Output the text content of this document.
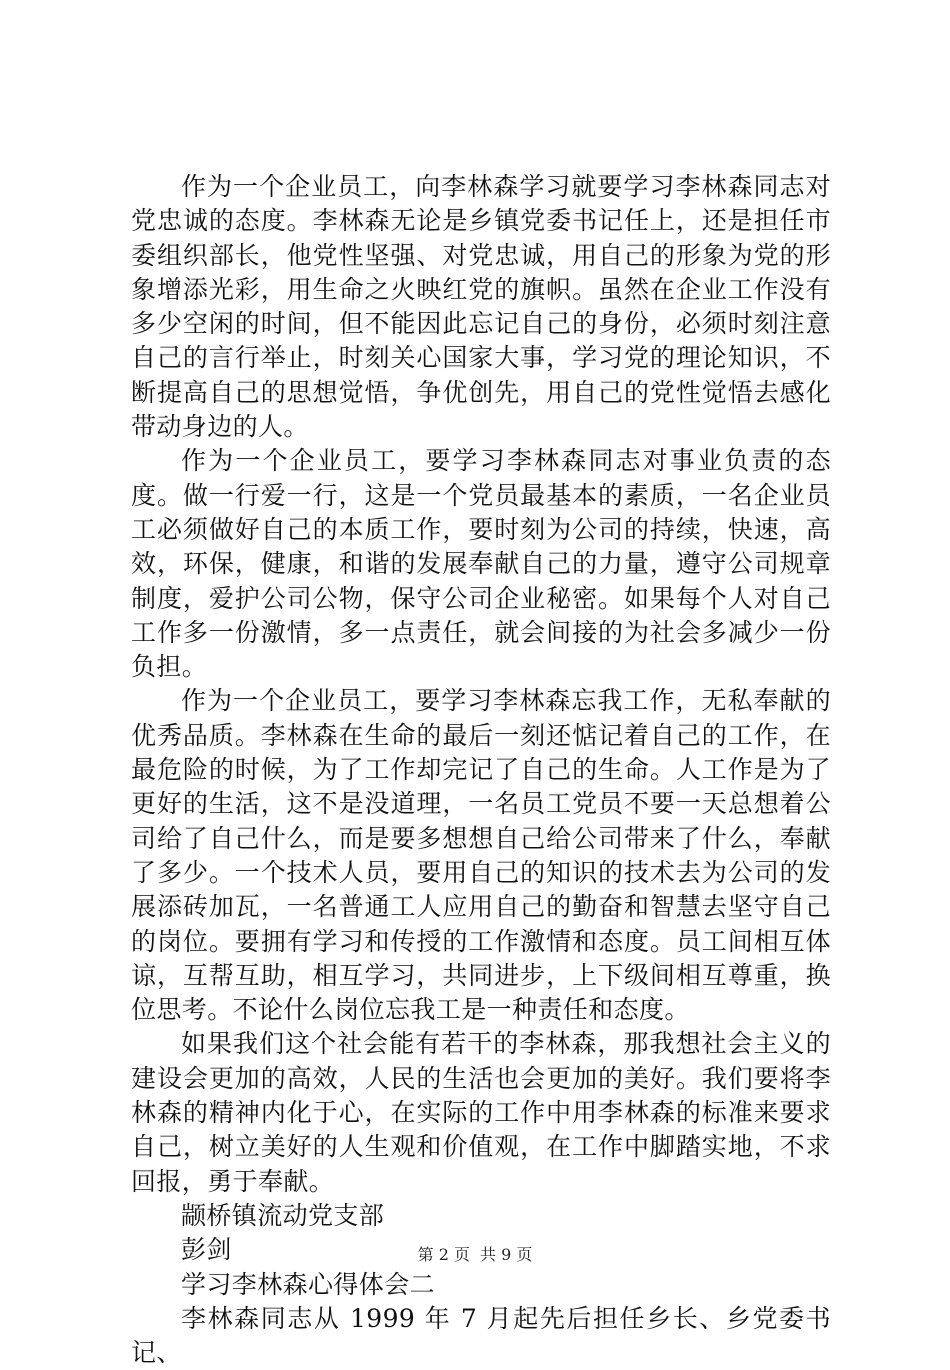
作为一个企业员工，向李林森学习就要学习李林森同志对党忠诚的态度。李林森无论是乡镇党委书记任上，还是担任市委组织部长，他党性坚强、对党忠诚，用自己的形象为党的形象增添光彩，用生命之火映红党的旗帜。虽然在企业工作没有多少空闲的时间，但不能因此忘记自己的身份，必须时刻注意自己的言行举止，时刻关心国家大事，学习党的理论知识，不断提高自己的思想觉悟，争优创先，用自己的党性觉悟去感化带动身边的人。

作为一个企业员工，要学习李林森同志对事业负责的态度。做一行爱一行，这是一个党员最基本的素质，一名企业员工必须做好自己的本质工作，要时刻为公司的持续，快速，高效，环保，健康，和谐的发展奉献自己的力量，遵守公司规章制度，爱护公司公物，保守公司企业秘密。如果每个人对自己工作多一份激情，多一点责任，就会间接的为社会多减少一份负担。

作为一个企业员工，要学习李林森忘我工作，无私奉献的优秀品质。李林森在生命的最后一刻还惦记着自己的工作，在最危险的时候，为了工作却完记了自己的生命。人工作是为了更好的生活，这不是没道理，一名员工党员不要一天总想着公司给了自己什么，而是要多想想自己给公司带来了什么，奉献了多少。一个技术人员，要用自己的知识的技术去为公司的发展添砖加瓦，一名普通工人应用自己的勤奋和智慧去坚守自己的岗位。要拥有学习和传授的工作激情和态度。员工间相互体谅，互帮互助，相互学习，共同进步，上下级间相互尊重，换位思考。不论什么岗位忘我工是一种责任和态度。

如果我们这个社会能有若干的李林森，那我想社会主义的建设会更加的高效，人民的生活也会更加的美好。我们要将李林森的精神内化于心，在实际的工作中用李林森的标准来要求自己，树立美好的人生观和价值观，在工作中脚踏实地，不求回报，勇于奉献。

颛桥镇流动党支部

彭剑

学习李林森心得体会二

李林森同志从 1999 年 7 月起先后担任乡长、乡党委书记、

第 2 页 共 9 页
